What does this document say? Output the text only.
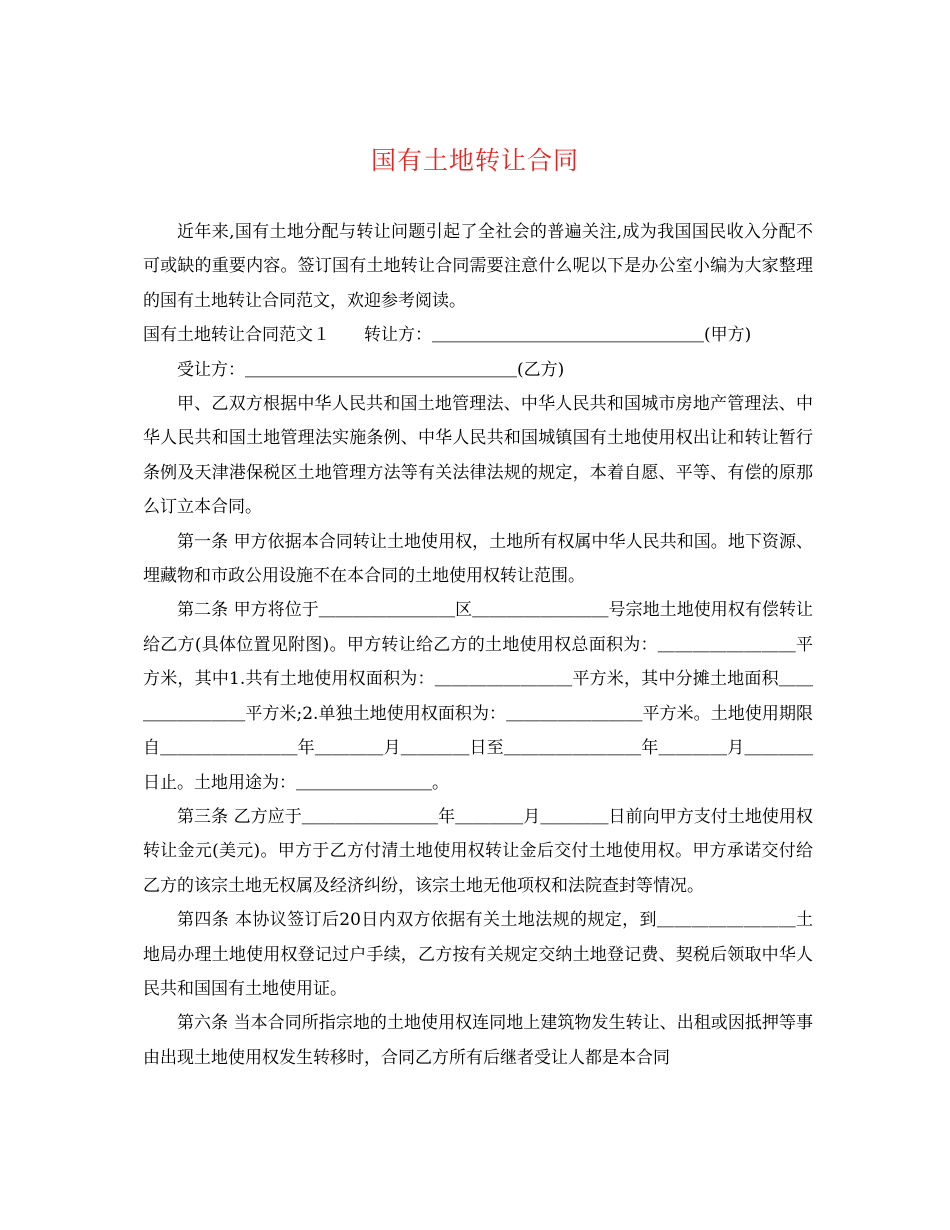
国有土地转让合同

近年来,国有土地分配与转让问题引起了全社会的普遍关注,成为我国国民收入分配不可或缺的重要内容。签订国有土地转让合同需要注意什么呢以下是办公室小编为大家整理的国有土地转让合同范文，欢迎参考阅读。

国有土地转让合同范文１　　转让方：＿＿＿＿＿＿＿＿＿＿＿＿＿＿＿＿(甲方)

　　受让方：＿＿＿＿＿＿＿＿＿＿＿＿＿＿＿＿(乙方)

甲、乙双方根据中华人民共和国土地管理法、中华人民共和国城市房地产管理法、中华人民共和国土地管理法实施条例、中华人民共和国城镇国有土地使用权出让和转让暂行条例及天津港保税区土地管理方法等有关法律法规的规定，本着自愿、平等、有偿的原那么订立本合同。

第一条 甲方依据本合同转让土地使用权，土地所有权属中华人民共和国。地下资源、埋藏物和市政公用设施不在本合同的土地使用权转让范围。

第二条 甲方将位于＿＿＿＿＿＿＿＿区＿＿＿＿＿＿＿＿号宗地土地使用权有偿转让给乙方(具体位置见附图)。甲方转让给乙方的土地使用权总面积为：＿＿＿＿＿＿＿＿平方米，其中1.共有土地使用权面积为：＿＿＿＿＿＿＿＿平方米，其中分摊土地面积＿＿＿＿＿＿＿＿平方米;2.单独土地使用权面积为：＿＿＿＿＿＿＿＿平方米。土地使用期限自＿＿＿＿＿＿＿＿年＿＿＿＿月＿＿＿＿日至＿＿＿＿＿＿＿＿年＿＿＿＿月＿＿＿＿日止。土地用途为：＿＿＿＿＿＿＿＿。

第三条 乙方应于＿＿＿＿＿＿＿＿年＿＿＿＿月＿＿＿＿日前向甲方支付土地使用权转让金元(美元)。甲方于乙方付清土地使用权转让金后交付土地使用权。甲方承诺交付给乙方的该宗土地无权属及经济纠纷，该宗土地无他项权和法院查封等情况。

第四条 本协议签订后20日内双方依据有关土地法规的规定，到＿＿＿＿＿＿＿＿土地局办理土地使用权登记过户手续，乙方按有关规定交纳土地登记费、契税后领取中华人民共和国国有土地使用证。

第六条 当本合同所指宗地的土地使用权连同地上建筑物发生转让、出租或因抵押等事由出现土地使用权发生转移时，合同乙方所有后继者受让人都是本合同
